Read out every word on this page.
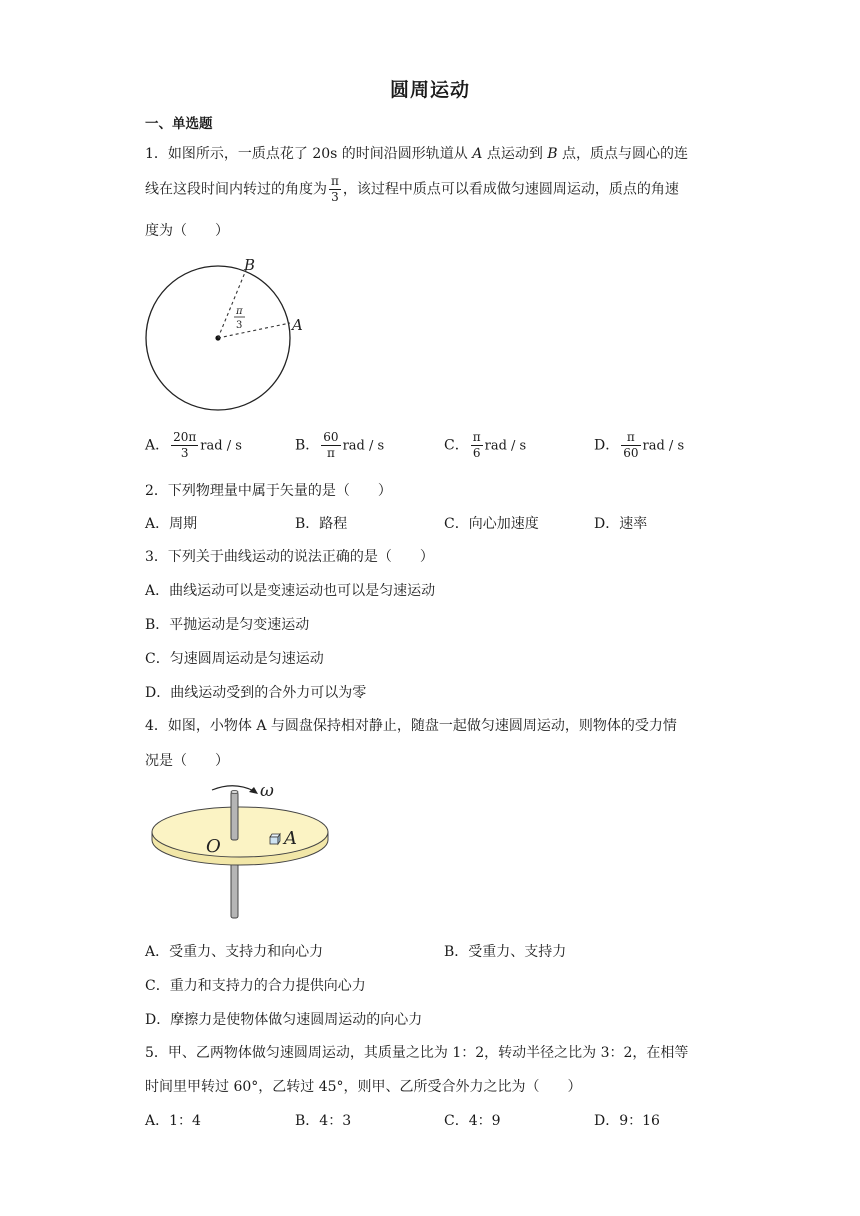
圆周运动
一、单选题
1．如图所示，一质点花了 20s 的时间沿圆形轨道从 A 点运动到 B 点，质点与圆心的连
线在这段时间内转过的角度为 $\frac{\pi}{3}$ ，该过程中质点可以看成做匀速圆周运动，质点的角速
度为（　　）
B
A
π
3
A． $\frac{20\pi}{3}$ rad / s	B． $\frac{60}{\pi}$ rad / s	C． $\frac{\pi}{6}$ rad / s	D． $\frac{\pi}{60}$ rad / s
2．下列物理量中属于矢量的是（　　）
A．周期	B．路程	C．向心加速度	D．速率
3．下列关于曲线运动的说法正确的是（　　）
A．曲线运动可以是变速运动也可以是匀速运动
B．平抛运动是匀变速运动
C．匀速圆周运动是匀速运动
D．曲线运动受到的合外力可以为零
4．如图，小物体 A 与圆盘保持相对静止，随盘一起做匀速圆周运动，则物体的受力情
况是（　　）
ω
O	A
A．受重力、支持力和向心力	B．受重力、支持力
C．重力和支持力的合力提供向心力
D．摩擦力是使物体做匀速圆周运动的向心力
5．甲、乙两物体做匀速圆周运动，其质量之比为 1：2，转动半径之比为 3：2，在相等
时间里甲转过 60°，乙转过 45°，则甲、乙所受合外力之比为（　　）
A．1：4	B．4：3	C．4：9	D．9：16
